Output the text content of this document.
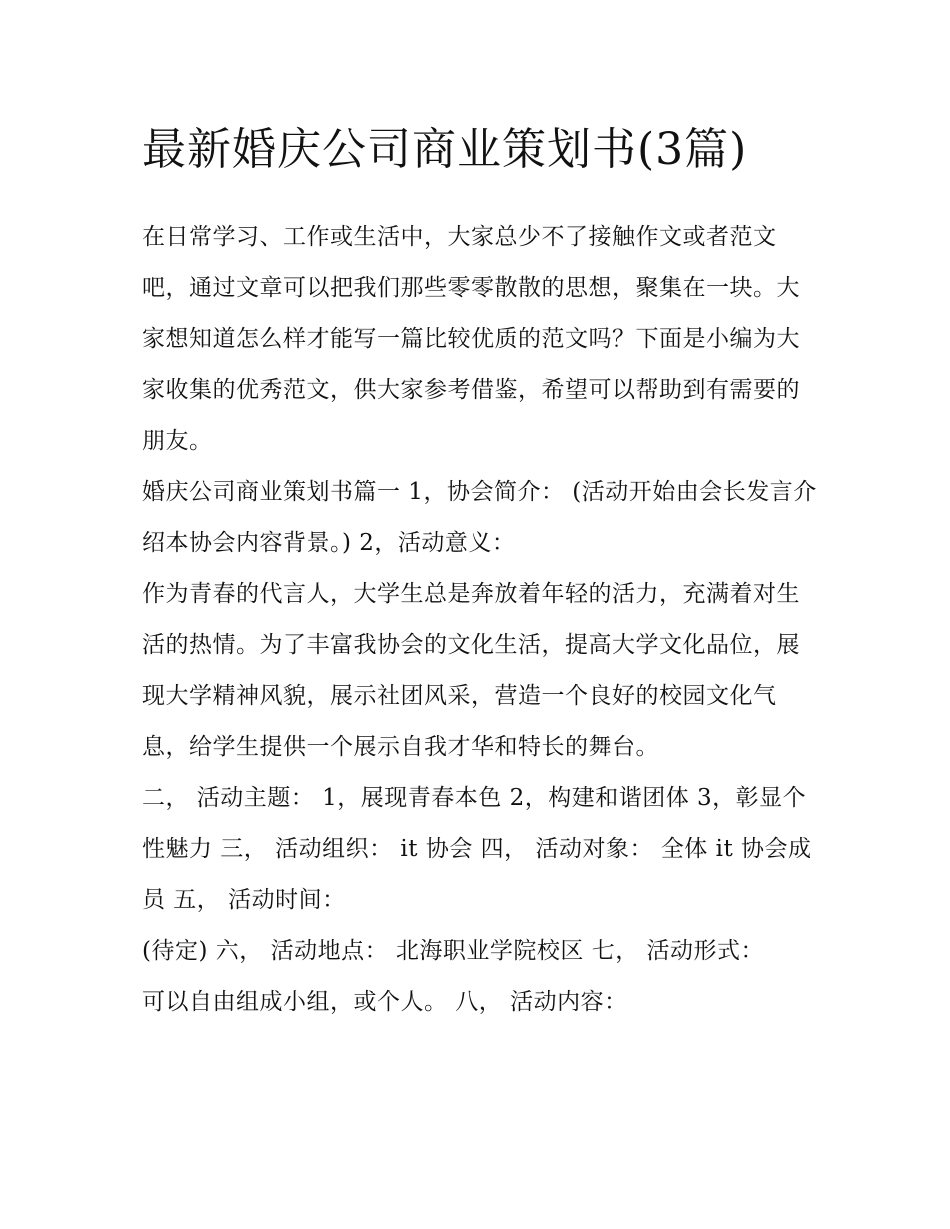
最新婚庆公司商业策划书(3篇)

在日常学习、工作或生活中，大家总少不了接触作文或者范文吧，通过文章可以把我们那些零零散散的思想，聚集在一块。大家想知道怎么样才能写一篇比较优质的范文吗？下面是小编为大家收集的优秀范文，供大家参考借鉴，希望可以帮助到有需要的朋友。

婚庆公司商业策划书篇一 1，协会简介： (活动开始由会长发言介绍本协会内容背景。) 2，活动意义：

作为青春的代言人，大学生总是奔放着年轻的活力，充满着对生活的热情。为了丰富我协会的文化生活，提高大学文化品位，展现大学精神风貌，展示社团风采，营造一个良好的校园文化气息，给学生提供一个展示自我才华和特长的舞台。

二， 活动主题： 1，展现青春本色 2，构建和谐团体 3，彰显个性魅力 三， 活动组织： it 协会 四， 活动对象： 全体 it 协会成员 五， 活动时间：

(待定) 六， 活动地点： 北海职业学院校区 七， 活动形式：

可以自由组成小组，或个人。 八， 活动内容：
